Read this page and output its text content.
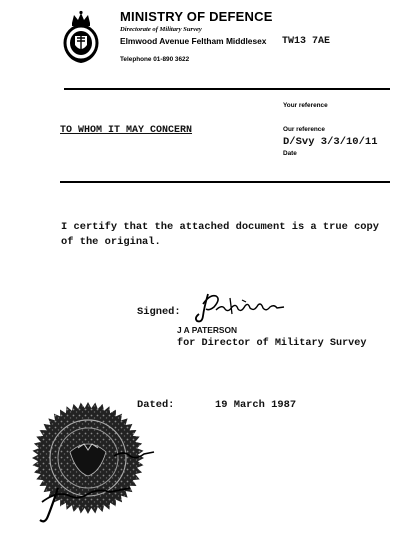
MINISTRY OF DEFENCE
Directorate of Military Survey
Elmwood Avenue Feltham Middlesex TW13 7AE
Telephone 01-890 3622
Your reference
TO WHOM IT MAY CONCERN	Our reference
D/Svy 3/3/10/11
Date
I certify that the attached document is a true copy
of the original.
Signed:
J A PATERSON
for Director of Military Survey
Dated:	19 March 1987
